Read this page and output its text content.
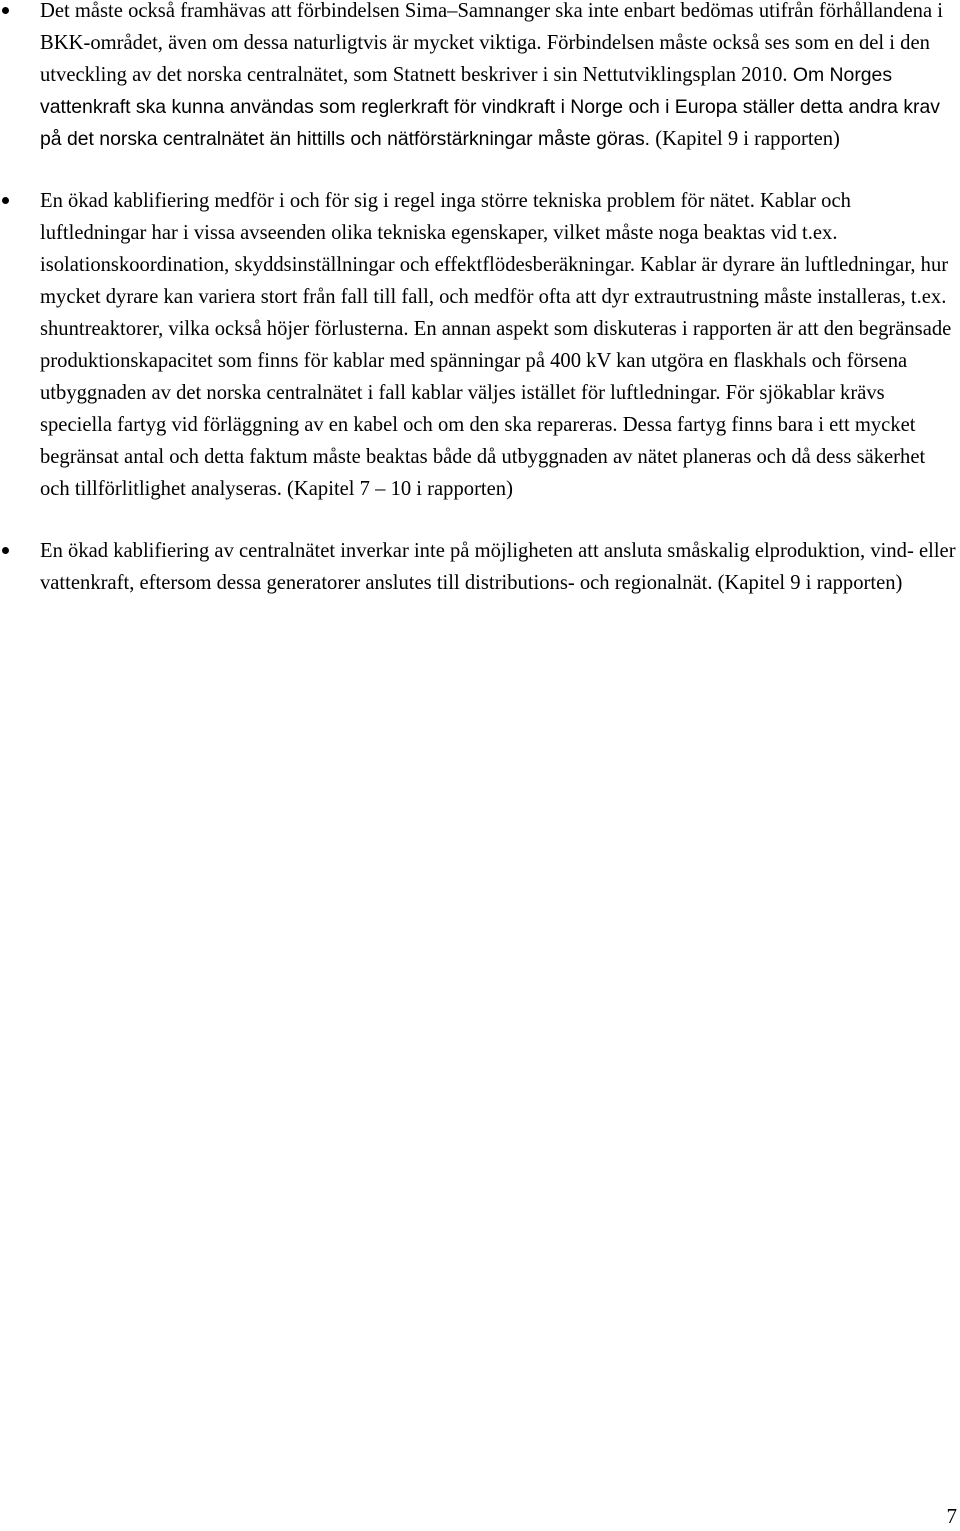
Det måste också framhävas att förbindelsen Sima–Samnanger ska inte enbart bedömas utifrån förhållandena i BKK-området, även om dessa naturligtvis är mycket viktiga. Förbindelsen måste också ses som en del i den utveckling av det norska centralnätet, som Statnett beskriver i sin Nettutviklingsplan 2010. Om Norges vattenkraft ska kunna användas som reglerkraft för vindkraft i Norge och i Europa ställer detta andra krav på det norska centralnätet än hittills och nätförstärkningar måste göras. (Kapitel 9 i rapporten)
En ökad kablifiering medför i och för sig i regel inga större tekniska problem för nätet. Kablar och luftledningar har i vissa avseenden olika tekniska egenskaper, vilket måste noga beaktas vid t.ex. isolationskoordination, skyddsinställningar och effektflödesberäkningar. Kablar är dyrare än luftledningar, hur mycket dyrare kan variera stort från fall till fall, och medför ofta att dyr extrautrustning måste installeras, t.ex. shuntreaktorer, vilka också höjer förlusterna. En annan aspekt som diskuteras i rapporten är att den begränsade produktionskapacitet som finns för kablar med spänningar på 400 kV kan utgöra en flaskhals och försena utbyggnaden av det norska centralnätet i fall kablar väljes istället för luftledningar. För sjökablar krävs speciella fartyg vid förläggning av en kabel och om den ska repareras. Dessa fartyg finns bara i ett mycket begränsat antal och detta faktum måste beaktas både då utbyggnaden av nätet planeras och då dess säkerhet och tillförlitlighet analyseras. (Kapitel 7 – 10 i rapporten)
En ökad kablifiering av centralnätet inverkar inte på möjligheten att ansluta småskalig elproduktion, vind- eller vattenkraft, eftersom dessa generatorer anslutes till distributions- och regionalnät. (Kapitel 9 i rapporten)
7
